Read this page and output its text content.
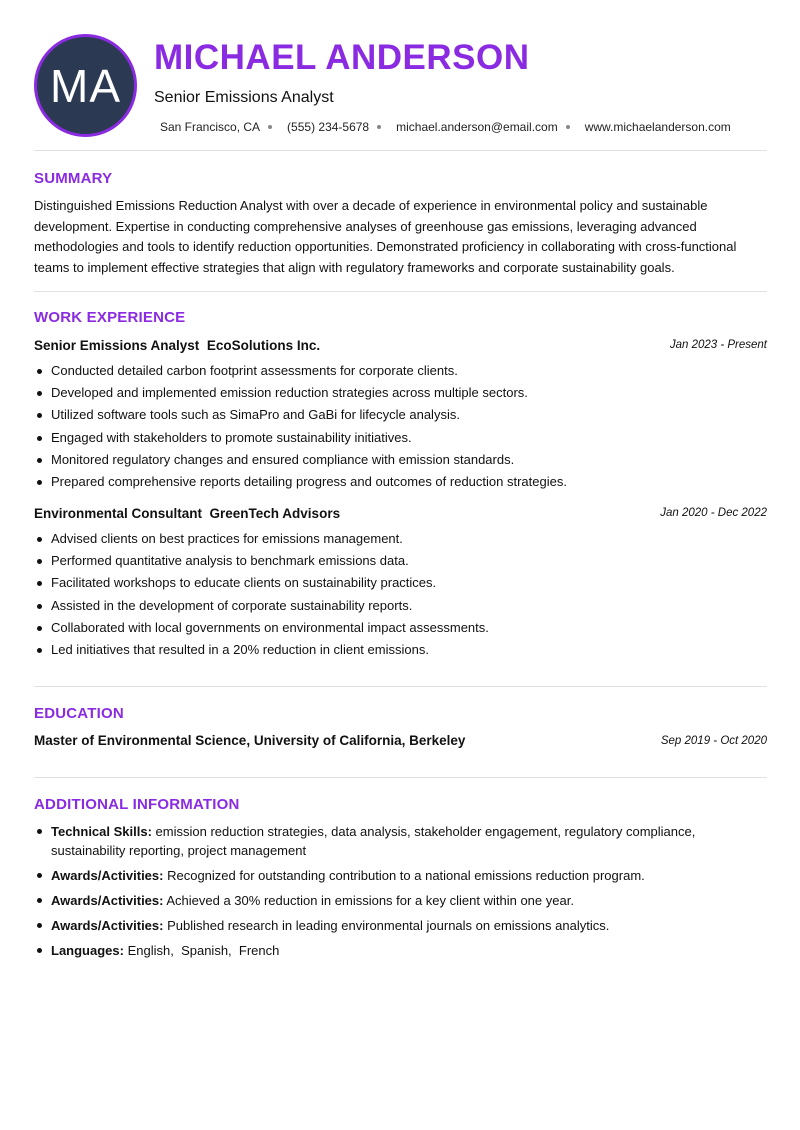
MA
MICHAEL ANDERSON
Senior Emissions Analyst
San Francisco, CA (555) 234-5678 michael.anderson@email.com www.michaelanderson.com
SUMMARY
Distinguished Emissions Reduction Analyst with over a decade of experience in environmental policy and sustainable development. Expertise in conducting comprehensive analyses of greenhouse gas emissions, leveraging advanced methodologies and tools to identify reduction opportunities. Demonstrated proficiency in collaborating with cross-functional teams to implement effective strategies that align with regulatory frameworks and corporate sustainability goals.
WORK EXPERIENCE
Senior Emissions Analyst EcoSolutions Inc.	Jan 2023 - Present
Conducted detailed carbon footprint assessments for corporate clients.
Developed and implemented emission reduction strategies across multiple sectors.
Utilized software tools such as SimaPro and GaBi for lifecycle analysis.
Engaged with stakeholders to promote sustainability initiatives.
Monitored regulatory changes and ensured compliance with emission standards.
Prepared comprehensive reports detailing progress and outcomes of reduction strategies.
Environmental Consultant GreenTech Advisors	Jan 2020 - Dec 2022
Advised clients on best practices for emissions management.
Performed quantitative analysis to benchmark emissions data.
Facilitated workshops to educate clients on sustainability practices.
Assisted in the development of corporate sustainability reports.
Collaborated with local governments on environmental impact assessments.
Led initiatives that resulted in a 20% reduction in client emissions.
EDUCATION
Master of Environmental Science, University of California, Berkeley	Sep 2019 - Oct 2020
ADDITIONAL INFORMATION
Technical Skills: emission reduction strategies, data analysis, stakeholder engagement, regulatory compliance, sustainability reporting, project management
Awards/Activities: Recognized for outstanding contribution to a national emissions reduction program.
Awards/Activities: Achieved a 30% reduction in emissions for a key client within one year.
Awards/Activities: Published research in leading environmental journals on emissions analytics.
Languages: English,  Spanish,  French
